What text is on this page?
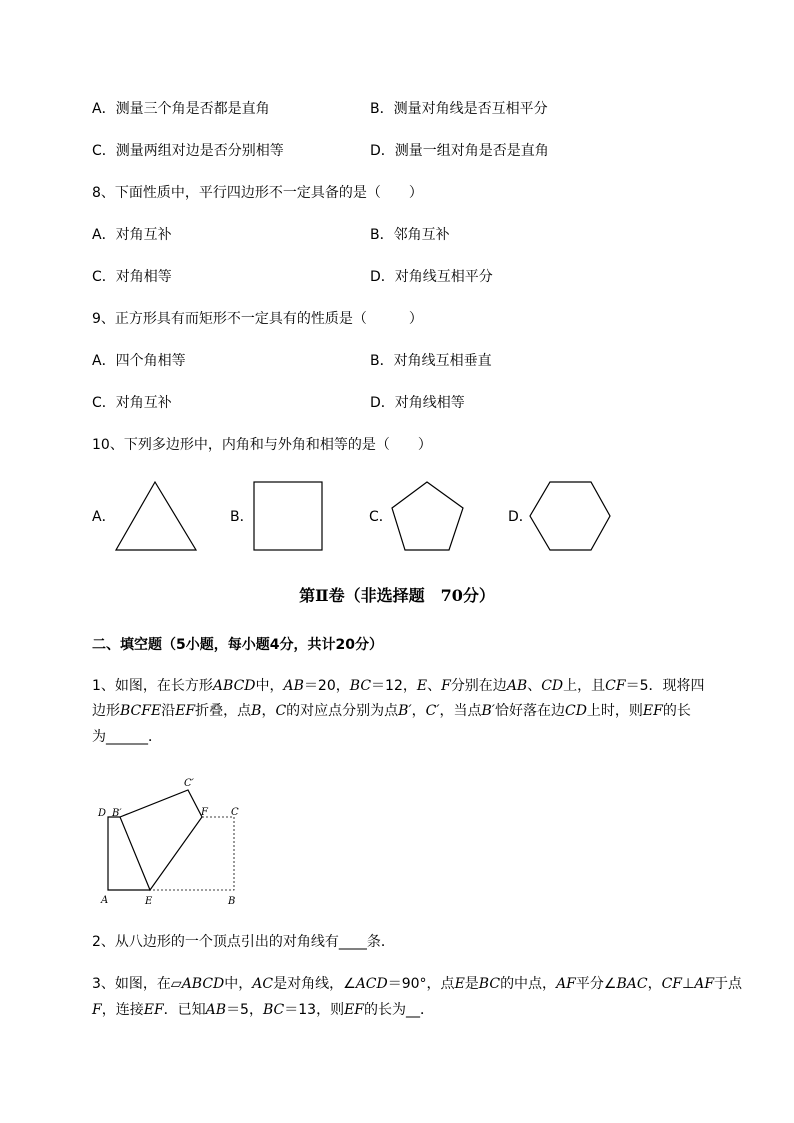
A．测量三个角是否都是直角	B．测量对角线是否互相平分
C．测量两组对边是否分别相等	D．测量一组对角是否是直角
8、下面性质中，平行四边形不一定具备的是（　　）
A．对角互补	B．邻角互补
C．对角相等	D．对角线互相平分
9、正方形具有而矩形不一定具有的性质是（　　　）
A．四个角相等	B．对角线互相垂直
C．对角互补	D．对角线相等
10、下列多边形中，内角和与外角和相等的是（　　）
A．	B．	C．	D．
第Ⅱ卷（非选择题　70分）
二、填空题（5小题，每小题4分，共计20分）
1、如图，在长方形ABCD中，AB＝20，BC＝12，E、F分别在边AB、CD上，且CF＝5．现将四
边形BCFE沿EF折叠，点B，C的对应点分别为点B′，C′，当点B′恰好落在边CD上时，则EF的长
为______．
D B′
C′
F C
A	E	B
2、从八边形的一个顶点引出的对角线有____条．
3、如图，在▱ABCD中，AC是对角线，∠ACD＝90°，点E是BC的中点，AF平分∠BAC，CF⊥AF于点
F，连接EF．已知AB＝5，BC＝13，则EF的长为__．
